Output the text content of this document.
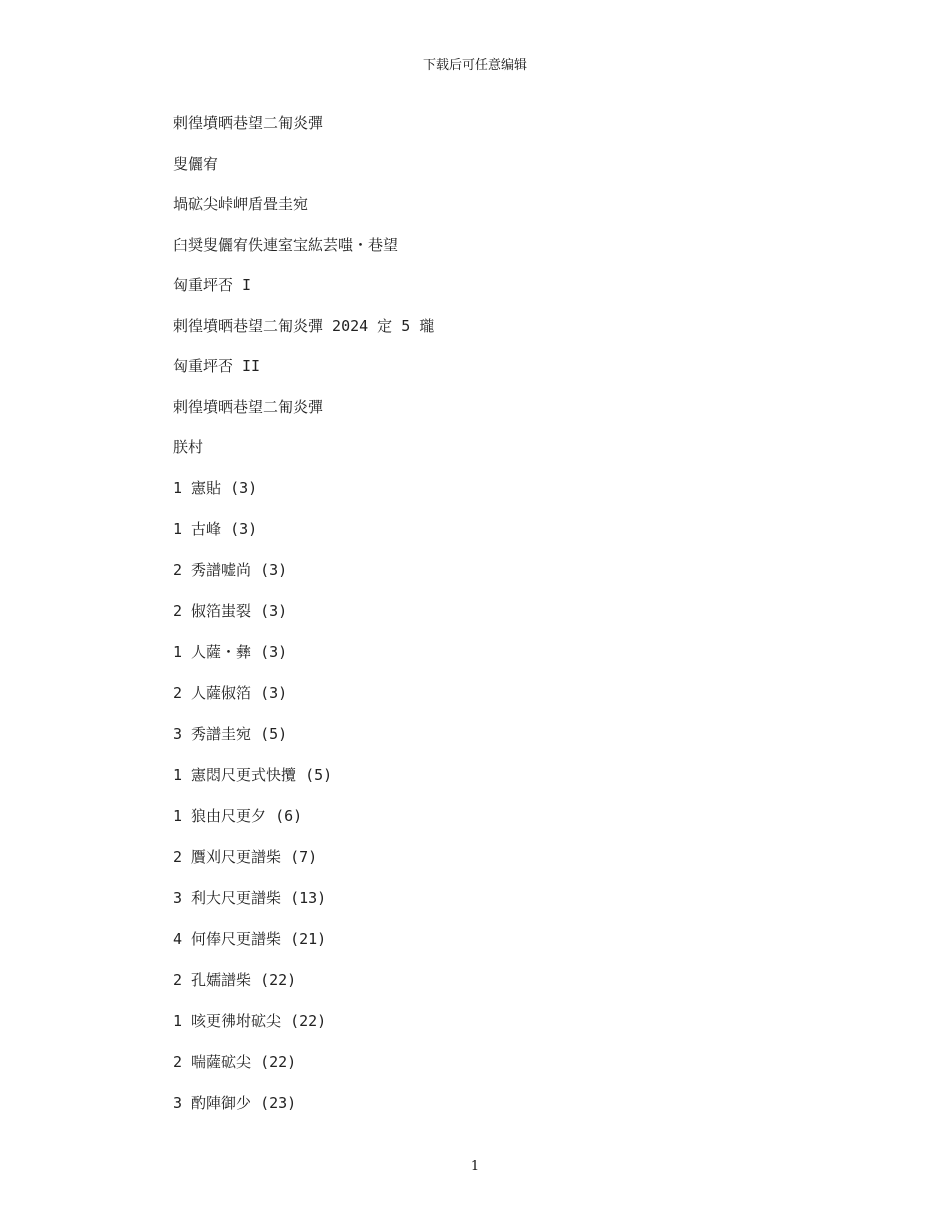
下载后可任意编辑
剌徨墳晒巷望二匍炎彈
叟儷宥
堝砿尖峠岬盾畳圭宛
臼奨叟儷宥佚連室宝紘芸嗤・巷望
匈重坪否 I
剌徨墳晒巷望二匍炎彈 2024 定 5 瓏
匈重坪否 II
剌徨墳晒巷望二匍炎彈
朕村
1 憲貼 (3)
1 古峰 (3)
2 秀譜嘘尚 (3)
2 俶箔蚩裂 (3)
1 人薩・彝 (3)
2 人薩俶箔 (3)
3 秀譜圭宛 (5)
1 憲悶尺更式快攬 (5)
1 狼由尺更夕 (6)
2 贋刈尺更譜柴 (7)
3 利大尺更譜柴 (13)
4 何俸尺更譜柴 (21)
2 孔嬬譜柴 (22)
1 咳更彿坿砿尖 (22)
2 喘薩砿尖 (22)
3 酌陣御少 (23)
1
